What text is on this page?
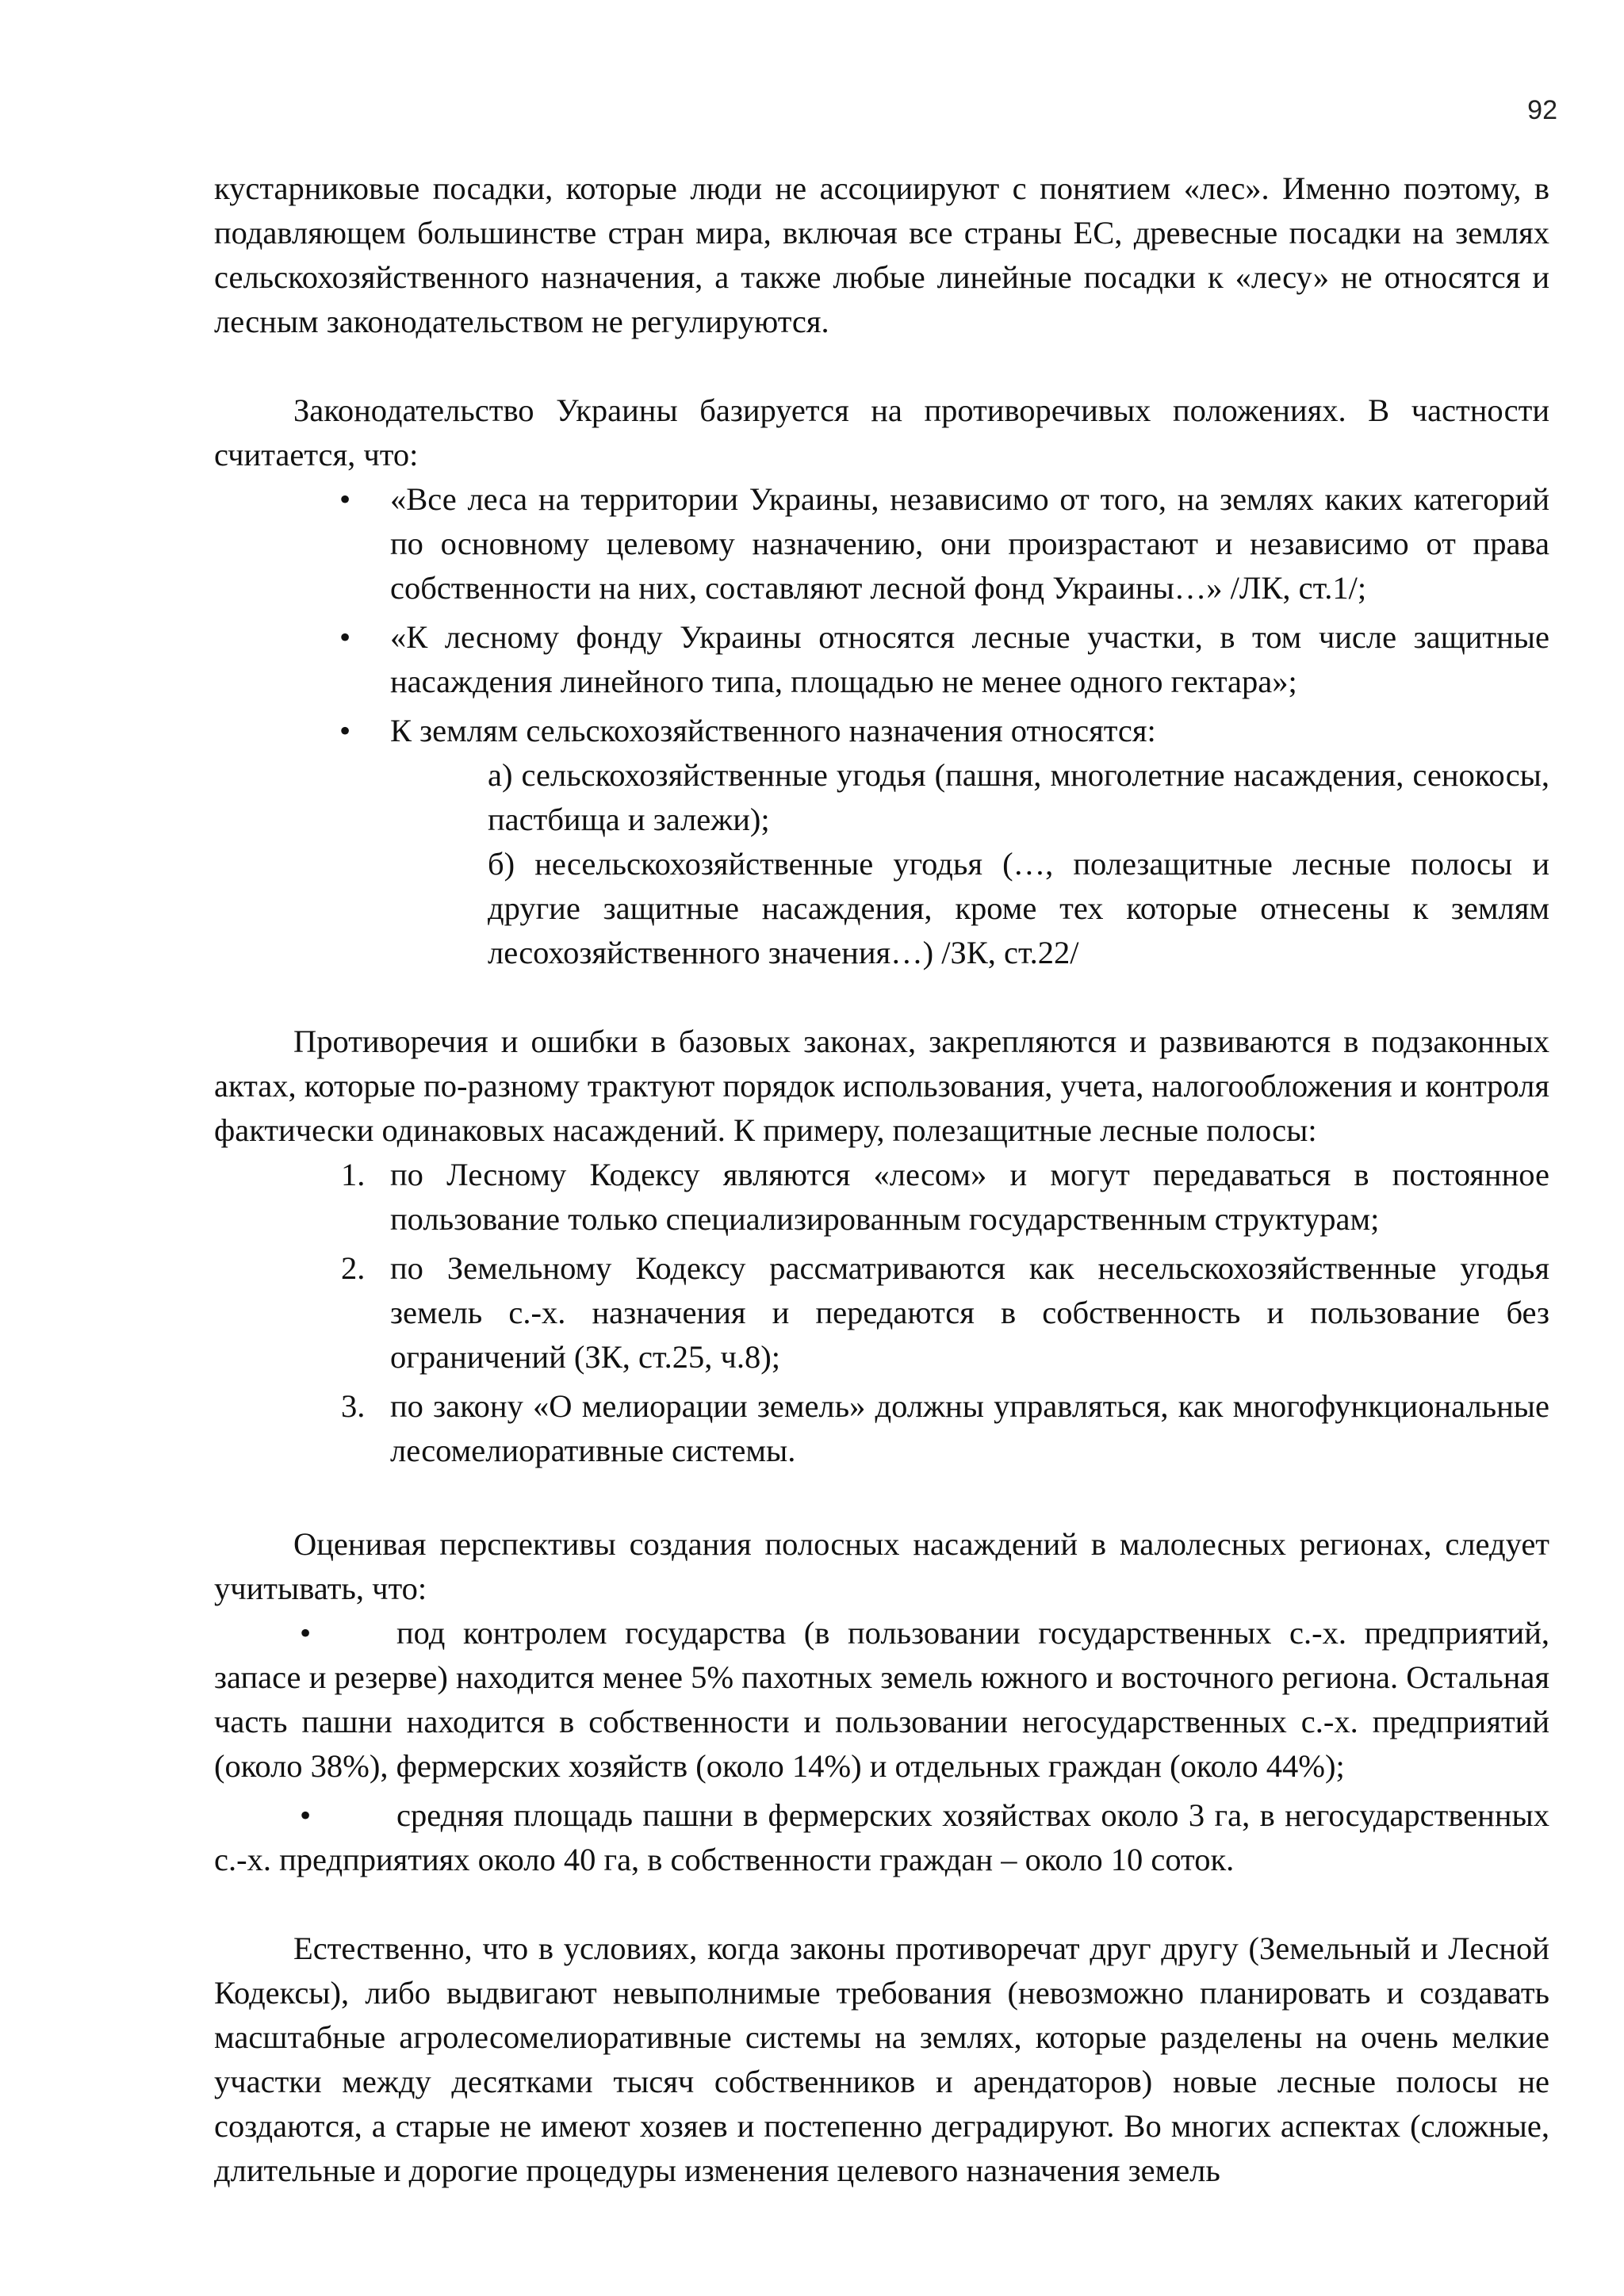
92

кустарниковые посадки, которые люди не ассоциируют с понятием «лес». Именно поэтому, в подавляющем большинстве стран мира, включая все страны ЕС, древесные посадки на землях сельскохозяйственного назначения, а также любые линейные посадки к «лесу» не относятся и лесным законодательством не регулируются.

Законодательство Украины базируется на противоречивых положениях. В частности считается, что:

• «Все леса на территории Украины, независимо от того, на землях каких категорий по основному целевому назначению, они произрастают и независимо от права собственности на них, составляют лесной фонд Украины…» /ЛК, ст.1/;
• «К лесному фонду Украины относятся лесные участки, в том числе защитные насаждения линейного типа, площадью не менее одного гектара»;
• К землям сельскохозяйственного назначения относятся:

а) сельскохозяйственные угодья (пашня, многолетние насаждения, сенокосы, пастбища и залежи);

б) несельскохозяйственные угодья (…, полезащитные лесные полосы и другие защитные насаждения, кроме тех которые отнесены к землям лесохозяйственного значения…) /ЗК, ст.22/

Противоречия и ошибки в базовых законах, закрепляются и развиваются в подзаконных актах, которые по-разному трактуют порядок использования, учета, налогообложения и контроля фактически одинаковых насаждений. К примеру, полезащитные лесные полосы:

1. по Лесному Кодексу являются «лесом» и могут передаваться в постоянное пользование только специализированным государственным структурам;
2. по Земельному Кодексу рассматриваются как несельскохозяйственные угодья земель с.-х. назначения и передаются в собственность и пользование без ограничений (ЗК, ст.25, ч.8);
3. по закону «О мелиорации земель» должны управляться, как многофункциональные лесомелиоративные системы.

Оценивая перспективы создания полосных насаждений в малолесных регионах, следует учитывать, что:

•	под контролем государства (в пользовании государственных с.-х. предприятий, запасе и резерве) находится менее 5% пахотных земель южного и восточного региона. Остальная часть пашни находится в собственности и пользовании негосударственных с.-х. предприятий (около 38%), фермерских хозяйств (около 14%) и отдельных граждан (около 44%);

•	средняя площадь пашни в фермерских хозяйствах около 3 га, в негосударственных с.-х. предприятиях около 40 га, в собственности граждан – около 10 соток.

Естественно, что в условиях, когда законы противоречат друг другу (Земельный и Лесной Кодексы), либо выдвигают невыполнимые требования (невозможно планировать и создавать масштабные агролесомелиоративные системы на землях, которые разделены на очень мелкие участки между десятками тысяч собственников и арендаторов) новые лесные полосы не создаются, а старые не имеют хозяев и постепенно деградируют. Во многих аспектах (сложные, длительные и дорогие процедуры изменения целевого назначения земель
